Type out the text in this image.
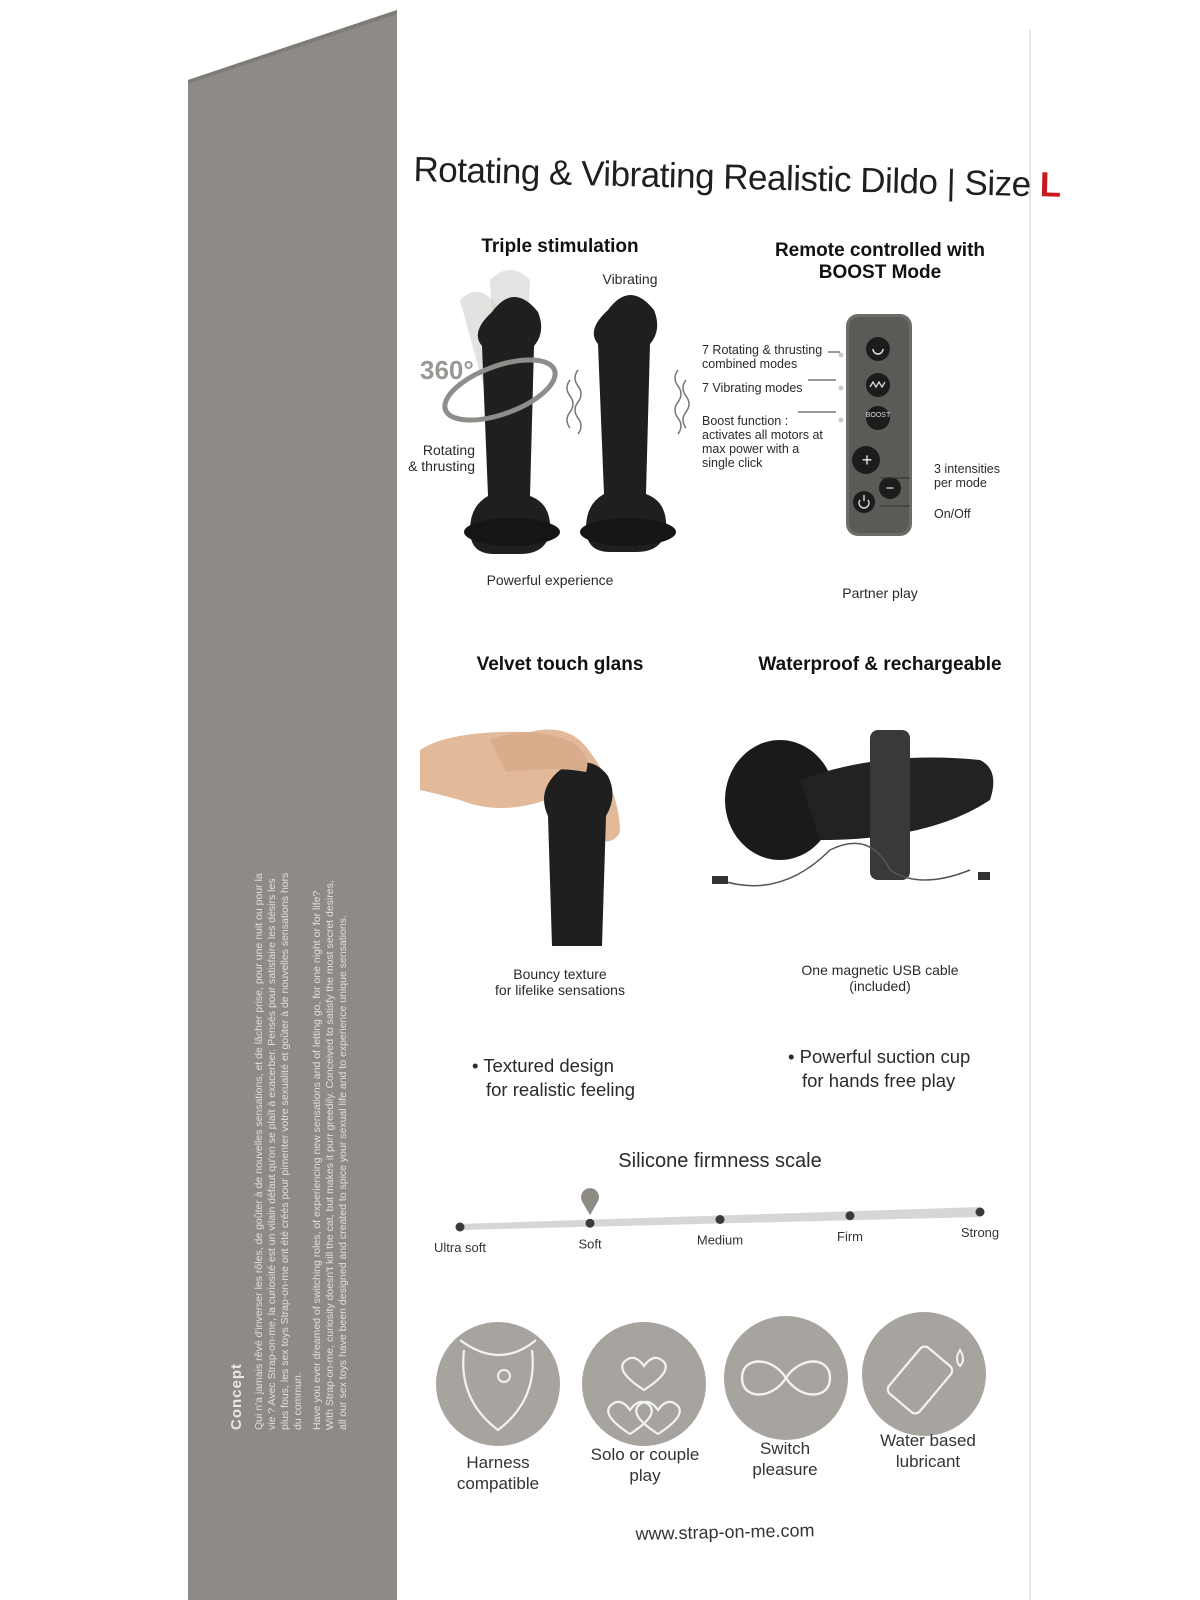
Concept Qui n'a jamais rêvé d'inverser les rôles, de goûter à de nouvelles sensations, et de lâcher prise, pour une nuit ou pour la vie ? Avec Strap-on-me, la curiosité est un vilain défaut qu'on se plaît à exacerber. Pensés pour satisfaire les désirs les plus fous, les sex toys Strap-on-me ont été créés pour pimenter votre sexualité et goûter à de nouvelles sensations hors du commun. Have you ever dreamed of switching roles, of experiencing new sensations and of letting go, for one night or for life? With Strap-on-me, curiosity doesn't kill the cat, but makes it purr greedily. Conceived to satisfy the most secret desires, all our sex toys have been designed and created to spice your sexual life and to experience unique sensations.
Rotating & Vibrating Realistic Dildo | Size L
Triple stimulation
Vibrating
360°
Rotating
& thrusting
Powerful experience
Remote controlled with
BOOST Mode
BOOST
+
−
7 Rotating & thrusting
combined modes
7 Vibrating modes
Boost function :
activates all motors at
max power with a
single click	3 intensities
per mode
On/Off
Partner play
Velvet touch glans
Bouncy texture
for lifelike sensations
Waterproof & rechargeable
One magnetic USB cable
(included)
• Textured design
for realistic feeling
• Powerful suction cup
for hands free play
Silicone firmness scale
Ultra soft	Soft	Medium	Firm	Strong
Harness
compatible
Solo or couple
play
Switch
pleasure
Water based
lubricant
www.strap-on-me.com
